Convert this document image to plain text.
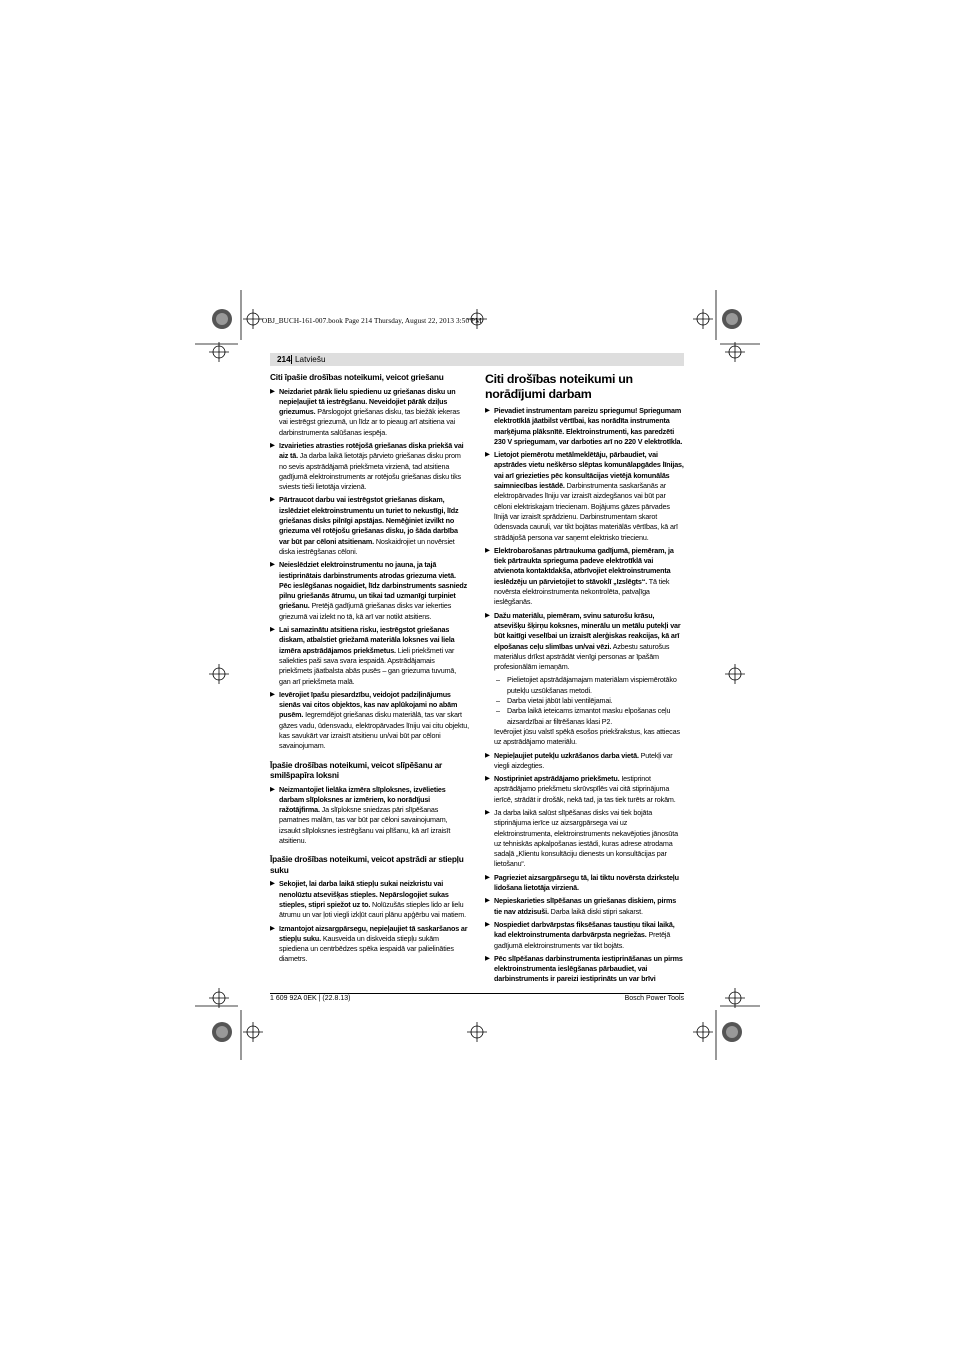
OBJ_BUCH-161-007.book Page 214 Thursday, August 22, 2013 3:50 PM
214 Latviešu
Citi īpašie drošības noteikumi, veicot griešanu
▶ Neizdariet pārāk lielu spiedienu uz griešanas disku un nepieļaujiet tā iestrēgšanu. Neveidojiet pārāk dziļus griezumus. Pārslogojot griešanas disku, tas biežāk iekeras vai iestrēgst griezumā, un līdz ar to pieaug arī atsitiena vai darbinstrumenta salūšanas iespēja.
▶ Izvairieties atrasties rotējošā griešanas diska priekšā vai aiz tā. Ja darba laikā lietotājs pārvieto griešanas disku prom no sevis apstrādājamā priekšmeta virzienā, tad atsitiena gadījumā elektroinstruments ar rotējošu griešanas disku tiks sviests tieši lietotāja virzienā.
▶ Pārtraucot darbu vai iestrēgstot griešanas diskam, izslēdziet elektroinstrumentu un turiet to nekustīgi, līdz griešanas disks pilnīgi apstājas. Nemēģiniet izvilkt no griezuma vēl rotējošu griešanas disku, jo šāda darbība var būt par cēloni atsitienam. Noskaidrojiet un novērsiet diska iestrēgšanas cēloni.
▶ Neieslēdziet elektroinstrumentu no jauna, ja tajā iestiprinātais darbinstruments atrodas griezuma vietā. Pēc ieslēgšanas nogaidiet, līdz darbinstruments sasniedz pilnu griešanās ātrumu, un tikai tad uzmanīgi turpiniet griešanu. Pretējā gadījumā griešanas disks var iekerties griezumā vai izlekt no tā, kā arī var notikt atsitiens.
▶ Lai samazinātu atsitiena risku, iestrēgstot griešanas diskam, atbalstiet griežamā materiāla loksnes vai liela izmēra apstrādājamos priekšmetus. Lieli priekšmeti var saliekties paši sava svara iespaidā. Apstrādājamais priekšmets jāatbalsta abās pusēs – gan griezuma tuvumā, gan arī priekšmeta malā.
▶ Ievērojiet īpašu piesardzību, veidojot padziļinājumus sienās vai citos objektos, kas nav aplūkojami no abām pusēm. Iegremdējot griešanas disku materiālā, tas var skart gāzes vadu, ūdensvadu, elektropārvades līniju vai citu objektu, kas savukārt var izraisīt atsitienu un/vai būt par cēloni savainojumam.
Īpašie drošības noteikumi, veicot slīpēšanu ar smilšpapīra loksni
▶ Neizmantojiet lielāka izmēra slīploksnes, izvēlieties darbam slīploksnes ar izmēriem, ko norādījusi ražotājfirma. Ja slīploksne sniedzas pāri slīpēšanas pamatnes malām, tas var būt par cēloni savainojumam, izsaukt slīploksnes iestrēgšanu vai plīšanu, kā arī izraisīt atsitienu.
Īpašie drošības noteikumi, veicot apstrādi ar stiepļu suku
▶ Sekojiet, lai darba laikā stiepļu sukai neizkristu vai nenolūztu atsevišķas stieples. Nepārslogojiet sukas stieples, stipri spiežot uz to. Nolūzušās stieples lido ar lielu ātrumu un var ļoti viegli izkļūt cauri plānu apģērbu vai matiem.
▶ Izmantojot aizsargpārsegu, nepieļaujiet tā saskaršanos ar stiepļu suku. Kausveida un diskveida stiepļu sukām spiediena un centrbēdzes spēka iespaidā var palielināties diametrs.
Citi drošības noteikumi un norādījumi darbam
▶ Pievadiet instrumentam pareizu spriegumu! Spriegumam elektrotīklā jāatbilst vērtībai, kas norādīta instrumenta marķējuma plāksnītē. Elektroinstrumenti, kas paredzēti 230 V spriegumam, var darboties arī no 220 V elektrotīkla.
▶ Lietojot piemērotu metālmeklētāju, pārbaudiet, vai apstrādes vietu neškērso slēptas komunālapgādes līnijas, vai arī griezieties pēc konsultācijas vietējā komunālās saimniecības iestādē. Darbinstrumenta saskaršanās ar elektropārvades līniju var izraisīt aizdegšanos vai būt par cēloni elektriskajam triecienam. Bojājums gāzes pārvades līnijā var izraisīt sprādzienu. Darbinstrumentam skarot ūdensvada cauruli, var tikt bojātas materiālās vērtības, kā arī strādājošā persona var saņemt elektrisko triecienu.
▶ Elektrobarošanas pārtraukuma gadījumā, piemēram, ja tiek pārtraukta sprieguma padeve elektrotīklā vai atvienota kontaktdakša, atbrīvojiet elektroinstrumenta ieslēdzēju un pārvietojiet to stāvoklī „Izslēgts“. Tā tiek novērsta elektroinstrumenta nekontrolēta, patvaļīga ieslēgšanās.
▶ Dažu materiālu, piemēram, svinu saturošu krāsu, atsevišķu šķirņu koksnes, minerālu un metālu putekļi var būt kaitīgi veselībai un izraisīt alerģiskas reakcijas, kā arī elpošanas ceļu slimības un/vai vēzi. Azbestu saturošus materiālus drīkst apstrādāt vienīgi personas ar īpašām profesionālām iemaņām.
– Pielietojiet apstrādājamajam materiālam vispiemērotāko putekļu uzsūkšanas metodi.
– Darba vietai jābūt labi ventilējamai.
– Darba laikā ieteicams izmantot masku elpošanas ceļu aizsardzībai ar filtrēšanas klasi P2.
Ievērojiet jūsu valstī spēkā esošos priekšrakstus, kas attiecas uz apstrādājamo materiālu.
▶ Nepieļaujiet putekļu uzkrāšanos darba vietā. Putekļi var viegli aizdegties.
▶ Nostipriniet apstrādājamo priekšmetu. Iestiprinot apstrādājamo priekšmetu skrūvspīlēs vai citā stiprinājuma ierīcē, strādāt ir drošāk, nekā tad, ja tas tiek turēts ar rokām.
▶ Ja darba laikā salūst slīpēšanas disks vai tiek bojāta stiprinājuma ierīce uz aizsargpārsega vai uz elektroinstrumenta, elektroinstruments nekavējoties jānosūta uz tehniskās apkalpošanas iestādi, kuras adrese atrodama sadaļā „Klientu konsultāciju dienests un konsultācijas par lietošanu“.
▶ Pagrieziet aizsargpārsegu tā, lai tiktu novērsta dzirksteļu lidošana lietotāja virzienā.
▶ Nepieskarieties slīpēšanas un griešanas diskiem, pirms tie nav atdzisuši. Darba laikā diski stipri sakarst.
▶ Nospiediet darbvārpstas fiksēšanas taustiņu tikai laikā, kad elektroinstrumenta darbvārpsta negriežas. Pretējā gadījumā elektroinstruments var tikt bojāts.
▶ Pēc slīpēšanas darbinstrumenta iestiprināšanas un pirms elektroinstrumenta ieslēgšanas pārbaudiet, vai darbinstruments ir pareizi iestiprināts un var brīvi
1 609 92A 0EK | (22.8.13)	Bosch Power Tools
